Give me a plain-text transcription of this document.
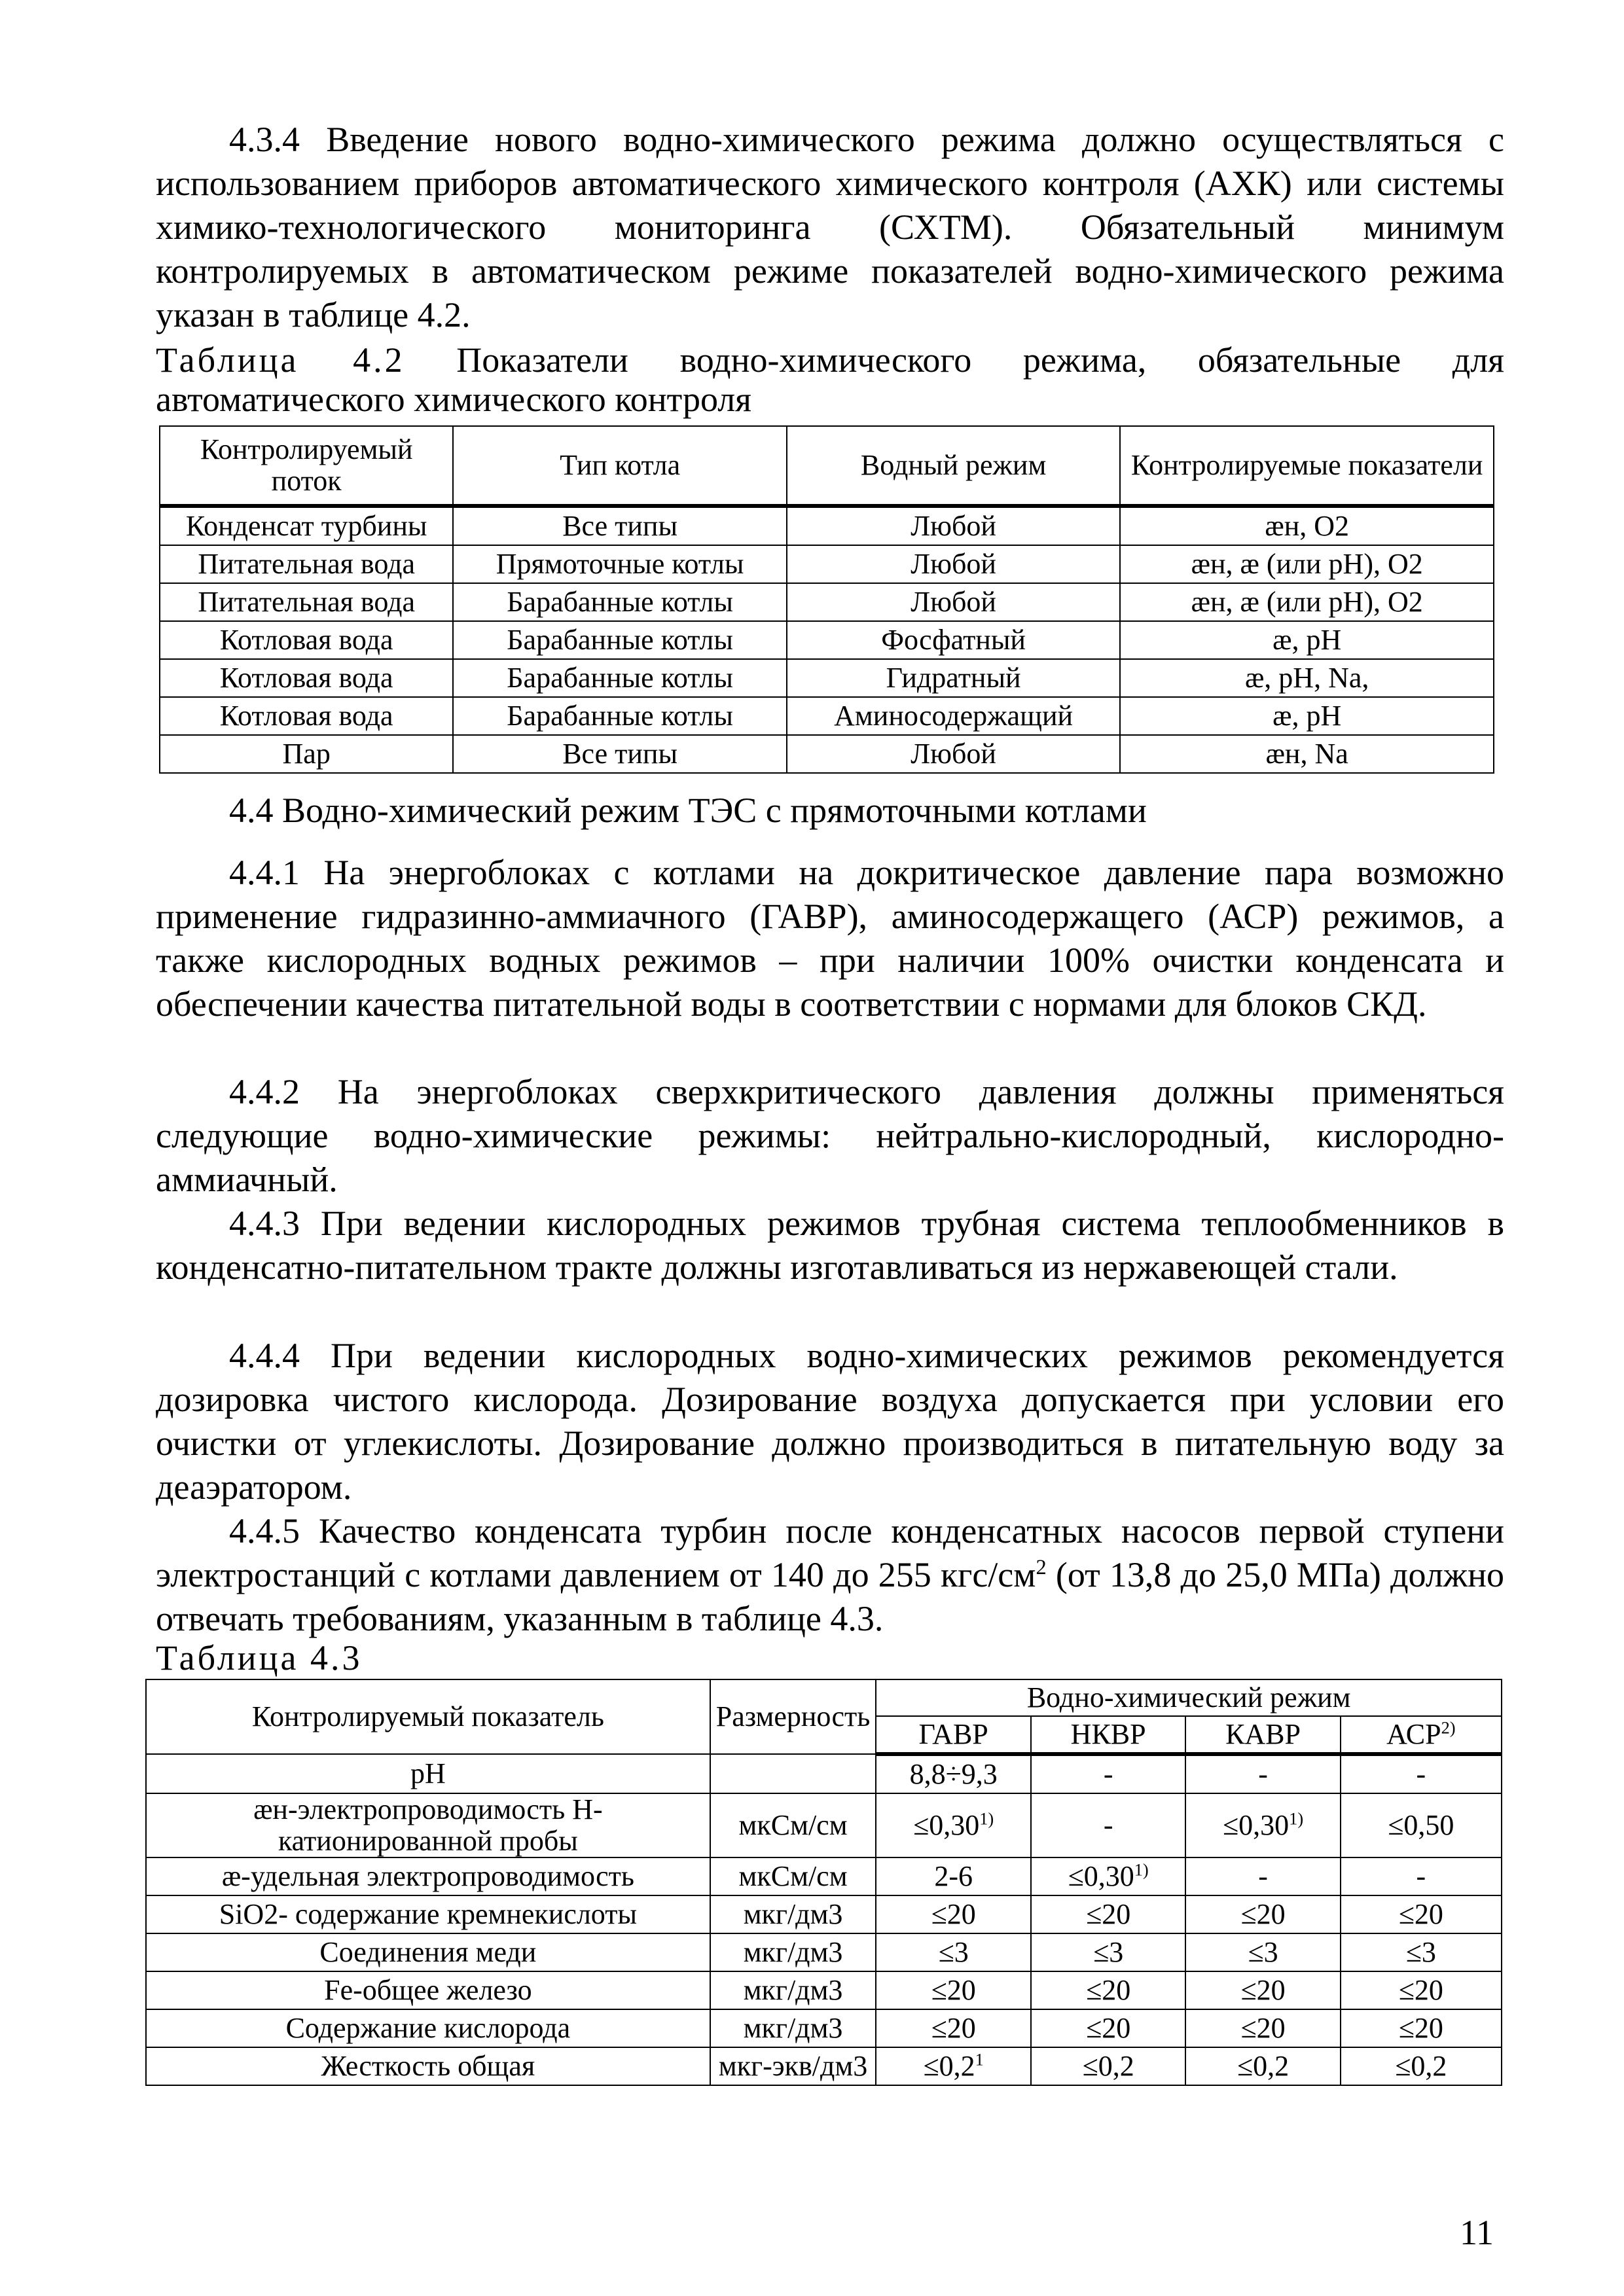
4.3.4 Введение нового водно-химического режима должно осуществляться с использованием приборов автоматического химического контроля (АХК) или системы химико-технологического мониторинга (СХТМ). Обязательный минимум контролируемых в автоматическом режиме показателей водно-химического режима указан в таблице 4.2.

Таблица 4.2 Показатели водно-химического режима, обязательные для автоматического химического контроля

Контролируемый поток	Тип котла	Водный режим	Контролируемые показатели
Конденсат турбины	Все типы	Любой	æн, O2
Питательная вода	Прямоточные котлы	Любой	æн, æ (или pH), O2
Питательная вода	Барабанные котлы	Любой	æн, æ (или pH), O2
Котловая вода	Барабанные котлы	Фосфатный	æ, pH
Котловая вода	Барабанные котлы	Гидратный	æ, pH, Na,
Котловая вода	Барабанные котлы	Аминосодержащий	æ, pH
Пар	Все типы	Любой	æн, Na

4.4 Водно-химический режим ТЭС с прямоточными котлами

4.4.1 На энергоблоках с котлами на докритическое давление пара возможно применение гидразинно-аммиачного (ГАВР), аминосодержащего (АСР) режимов, а также кислородных водных режимов – при наличии 100% очистки конденсата и обеспечении качества питательной воды в соответствии с нормами для блоков СКД.

4.4.2 На энергоблоках сверхкритического давления должны применяться следующие водно-химические режимы: нейтрально-кислородный, кислородно-аммиачный.

4.4.3 При ведении кислородных режимов трубная система теплообменников в конденсатно-питательном тракте должны изготавливаться из нержавеющей стали.

4.4.4 При ведении кислородных водно-химических режимов рекомендуется дозировка чистого кислорода. Дозирование воздуха допускается при условии его очистки от углекислоты. Дозирование должно производиться в питательную воду за деаэратором.

4.4.5 Качество конденсата турбин после конденсатных насосов первой ступени электростанций с котлами давлением от 140 до 255 кгс/$см^2$ (от 13,8 до 25,0 МПа) должно отвечать требованиям, указанным в таблице 4.3.

Таблица 4.3

Контролируемый показатель	Размерность	Водно-химический режим			
		ГАВР	НКВР	КАВР	АСР$^{2)}$
pH		8,8÷9,3	-	-	-
æн-электропроводимость Н-катионированной пробы	мкСм/см	$\le 0,30^{1)}$	-	$\le 0,30^{1)}$	≤0,50
æ-удельная электропроводимость	мкСм/см	2-6	$\le 0,30^{1)}$	-	-
SiO2- содержание кремнекислоты	мкг/дм3	≤20	≤20	≤20	≤20
Соединения меди	мкг/дм3	≤3	≤3	≤3	≤3
Fe-общее железо	мкг/дм3	≤20	≤20	≤20	≤20
Содержание кислорода	мкг/дм3	≤20	≤20	≤20	≤20
Жесткость общая	мкг-экв/дм3	$\le 0,2^1$	≤0,2	≤0,2	≤0,2
11
